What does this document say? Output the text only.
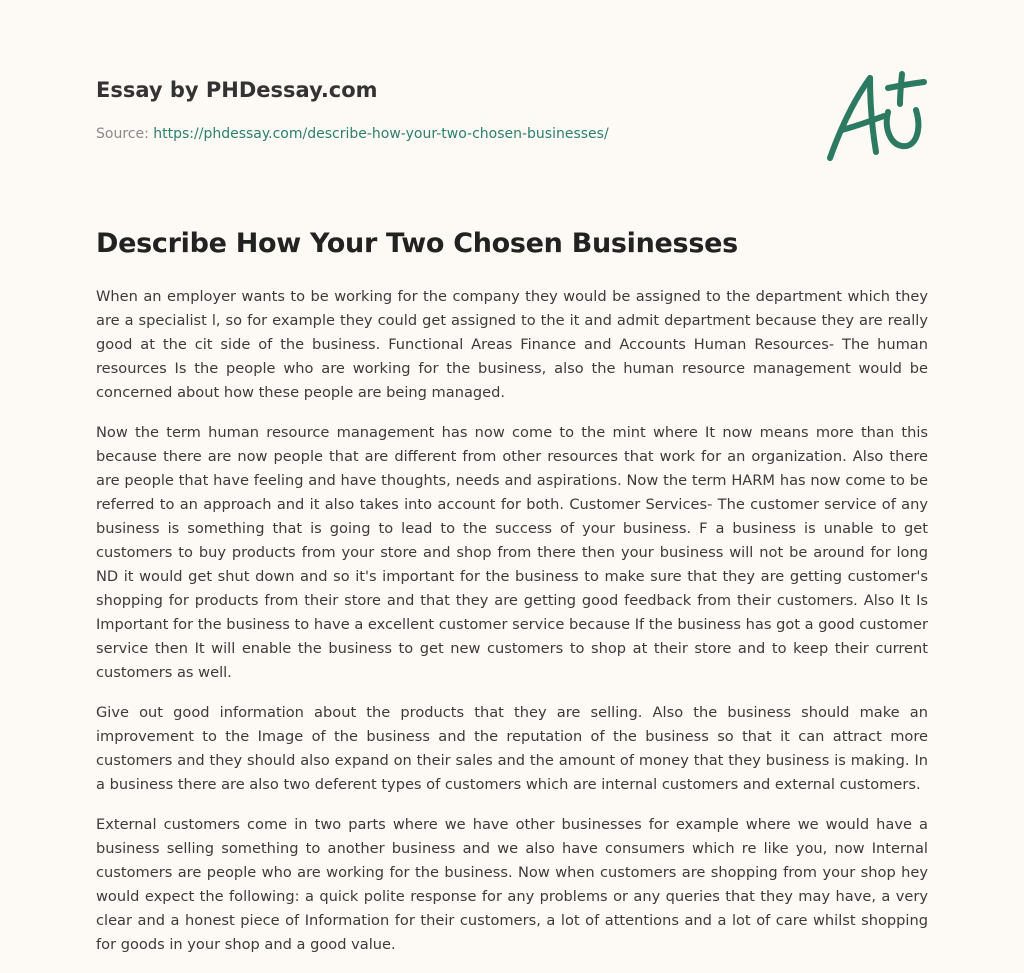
Essay by PHDessay.com
Source: https://phdessay.com/describe-how-your-two-chosen-businesses/
Describe How Your Two Chosen Businesses

When an employer wants to be working for the company they would be assigned to the department which they are a specialist l, so for example they could get assigned to the it and admit department because they are really good at the cit side of the business. Functional Areas Finance and Accounts Human Resources- The human resources Is the people who are working for the business, also the human resource management would be concerned about how these people are being managed.

Now the term human resource management has now come to the mint where It now means more than this because there are now people that are different from other resources that work for an organization. Also there are people that have feeling and have thoughts, needs and aspirations. Now the term HARM has now come to be referred to an approach and it also takes into account for both. Customer Services- The customer service of any business is something that is going to lead to the success of your business. F a business is unable to get customers to buy products from your store and shop from there then your business will not be around for long ND it would get shut down and so it's important for the business to make sure that they are getting customer's shopping for products from their store and that they are getting good feedback from their customers. Also It Is Important for the business to have a excellent customer service because If the business has got a good customer service then It will enable the business to get new customers to shop at their store and to keep their current customers as well.

Give out good information about the products that they are selling. Also the business should make an improvement to the Image of the business and the reputation of the business so that it can attract more customers and they should also expand on their sales and the amount of money that they business is making. In a business there are also two deferent types of customers which are internal customers and external customers.

External customers come in two parts where we have other businesses for example where we would have a business selling something to another business and we also have consumers which re like you, now Internal customers are people who are working for the business. Now when customers are shopping from your shop hey would expect the following: a quick polite response for any problems or any queries that they may have, a very clear and a honest piece of Information for their customers, a lot of attentions and a lot of care whilst shopping for goods in your shop and a good value.
